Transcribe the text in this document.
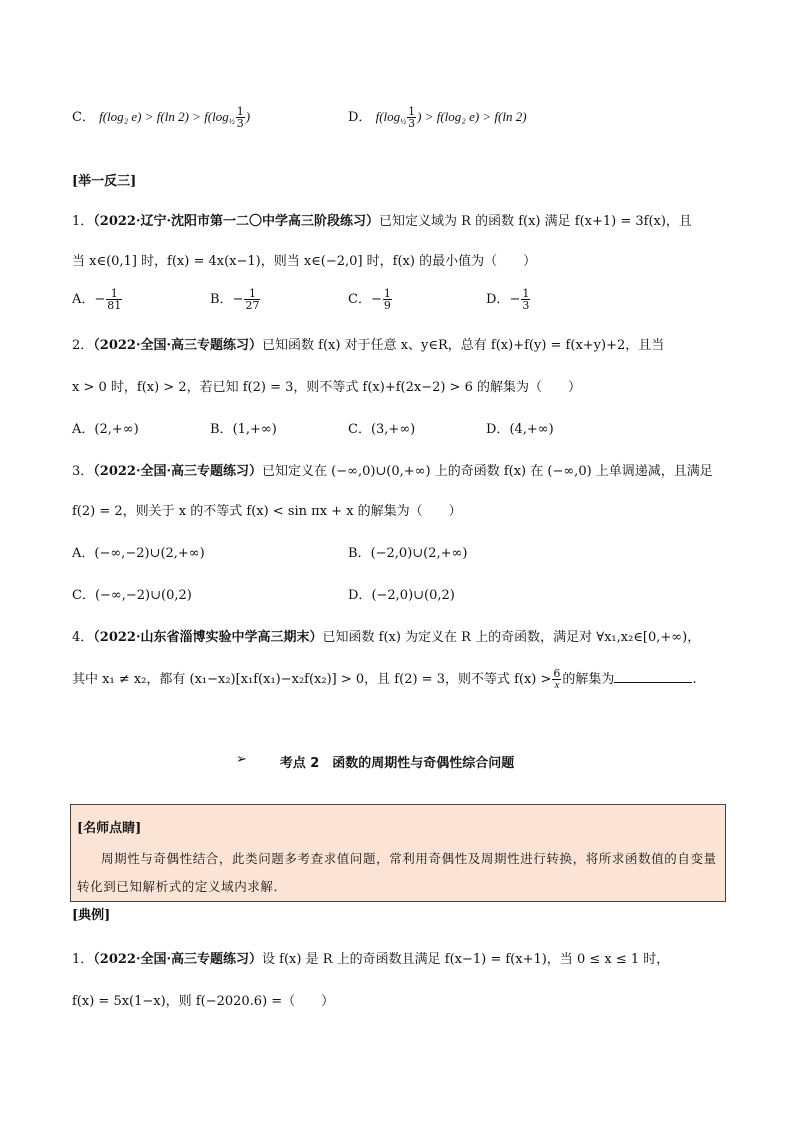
C． f(log₂ e) > f(ln $2) > f(\log_{\frac{1}{2}} \frac{1}{3}$ )	D． $f(\log_{\frac{1}{2}} \frac{1}{3}$ ) > f(log₂ e) > f(ln 2)
[举一反三]
1．（2022·辽宁·沈阳市第一二〇中学高三阶段练习）已知定义域为 R 的函数 f(x) 满足 f(x+1) = 3f(x)，且
当 x∈(0,1] 时，f(x) = 4x(x−1)，则当 x∈(−2,0] 时，f(x) 的最小值为（　　）
A．− $\frac{1}{81}$	B．− $\frac{1}{27}$	C．− $\frac{1}{9}$	D．− $\frac{1}{3}$
2．（2022·全国·高三专题练习）已知函数 f(x) 对于任意 x、y∈R，总有 f(x)+f(y) = f(x+y)+2，且当
x > 0 时，f(x) > 2，若已知 f(2) = 3，则不等式 f(x)+f(2x−2) > 6 的解集为（　　）
A．(2,+∞)	B．(1,+∞)	C．(3,+∞)	D．(4,+∞)
3．（2022·全国·高三专题练习）已知定义在 (−∞,0)∪(0,+∞) 上的奇函数 f(x) 在 (−∞,0) 上单调递减，且满足
f(2) = 2，则关于 x 的不等式 f(x) < sin πx + x 的解集为（　　）
A．(−∞,−2)∪(2,+∞)	B．(−2,0)∪(2,+∞)
C．(−∞,−2)∪(0,2)	D．(−2,0)∪(0,2)
4．（2022·山东省淄博实验中学高三期末）已知函数 f(x) 为定义在 R 上的奇函数，满足对 ∀x₁,x₂∈[0,+∞)，
其中 x₁ ≠ x₂，都有 (x₁−x₂)[x₁f(x₁)−x₂f(x₂)] > 0，且 f(2) = 3，则不等式 $f(x) > \frac{6}{x}$ 的解集为	.
➢	考点 2　函数的周期性与奇偶性综合问题
[名师点睛]
周期性与奇偶性结合，此类问题多考查求值问题，常利用奇偶性及周期性进行转换，将所求函数值的自变量转化到已知解析式的定义域内求解．
[典例]
1．（2022·全国·高三专题练习）设 f(x) 是 R 上的奇函数且满足 f(x−1) = f(x+1)，当 0 ≤ x ≤ 1 时，
f(x) = 5x(1−x)，则 f(−2020.6) =（　　）
